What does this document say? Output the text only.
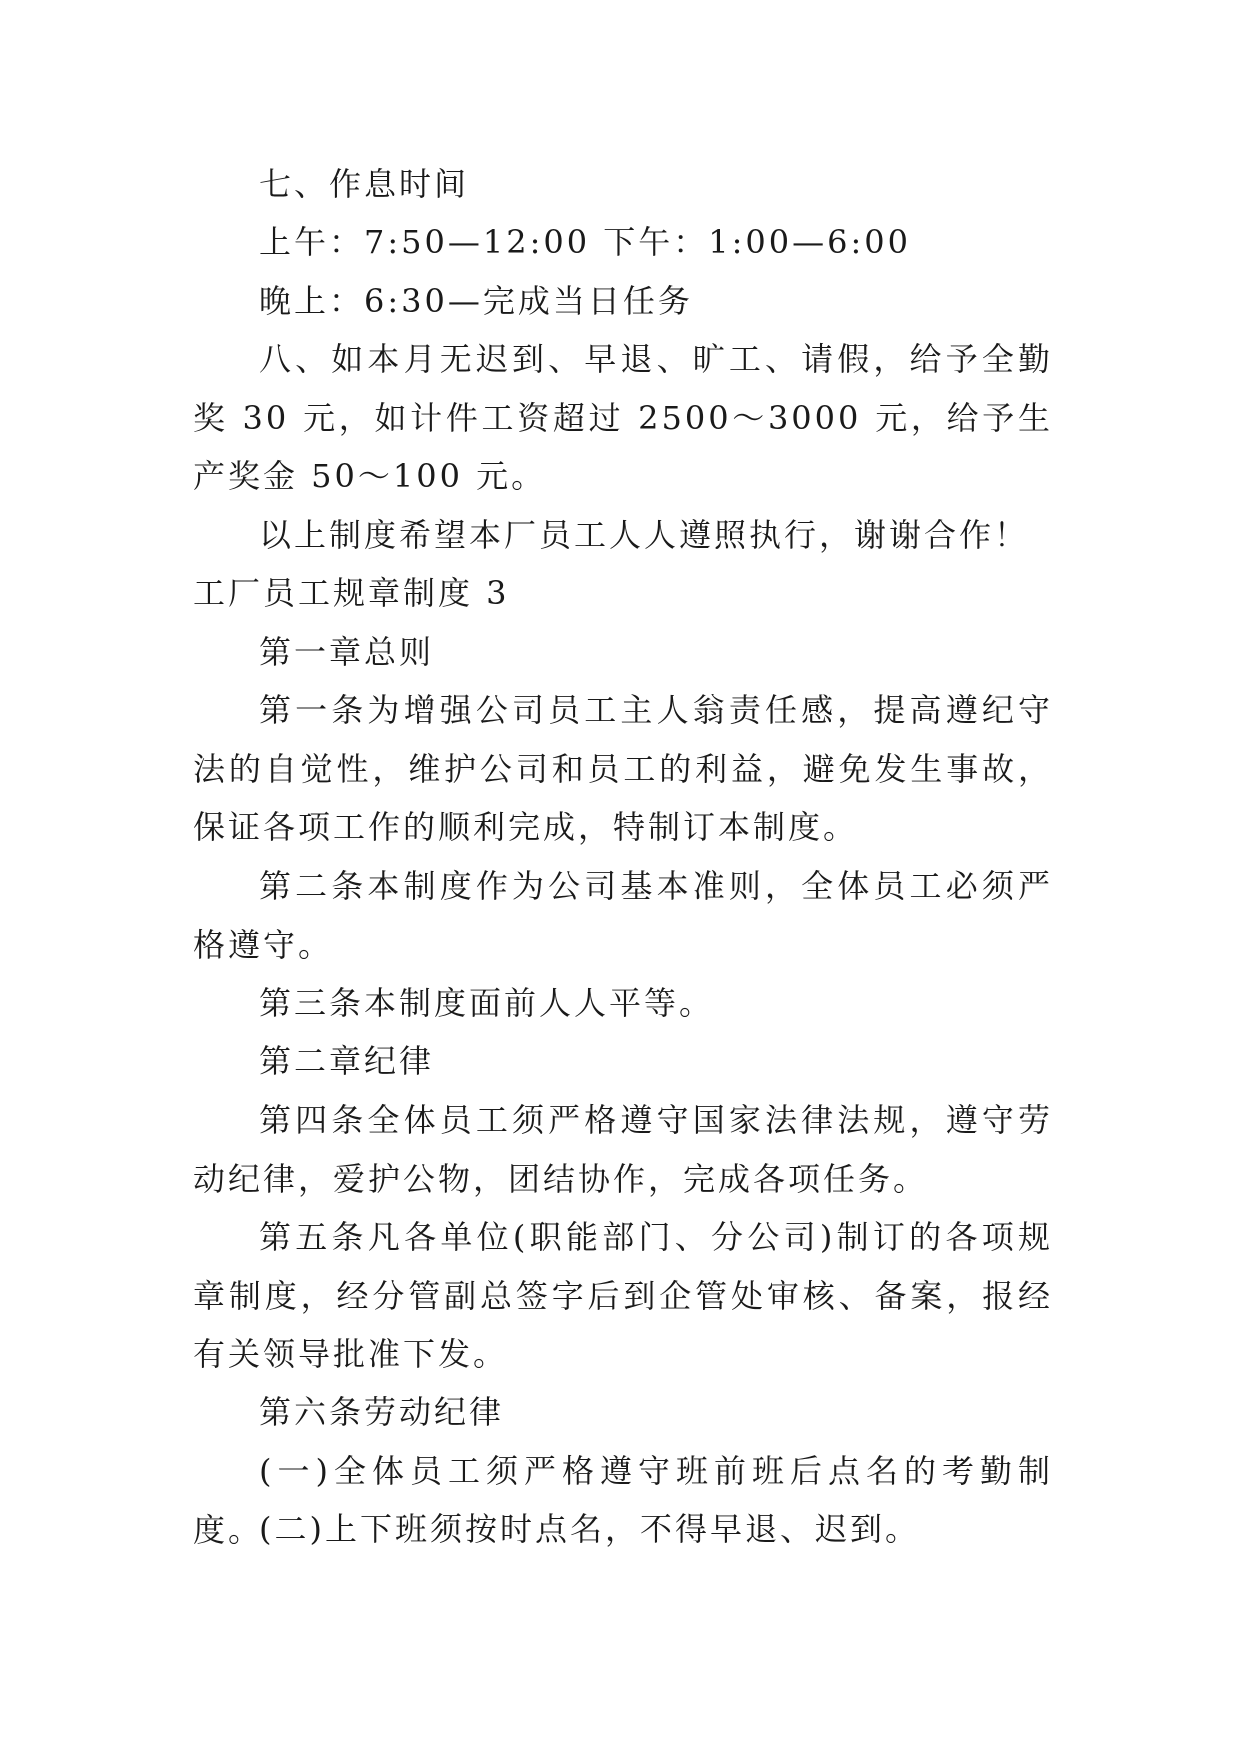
七、作息时间

上午：7:50—12:00 下午：1:00—6:00

晚上：6:30—完成当日任务

八、如本月无迟到、早退、旷工、请假，给予全勤奖 30 元，如计件工资超过 2500～3000 元，给予生产奖金 50～100 元。

以上制度希望本厂员工人人遵照执行，谢谢合作！

工厂员工规章制度 3

第一章总则

第一条为增强公司员工主人翁责任感，提高遵纪守法的自觉性，维护公司和员工的利益，避免发生事故，保证各项工作的顺利完成，特制订本制度。

第二条本制度作为公司基本准则，全体员工必须严格遵守。

第三条本制度面前人人平等。

第二章纪律

第四条全体员工须严格遵守国家法律法规，遵守劳动纪律，爱护公物，团结协作，完成各项任务。

第五条凡各单位(职能部门、分公司)制订的各项规章制度，经分管副总签字后到企管处审核、备案，报经有关领导批准下发。

第六条劳动纪律

(一)全体员工须严格遵守班前班后点名的考勤制度。

(二)上下班须按时点名，不得早退、迟到。
